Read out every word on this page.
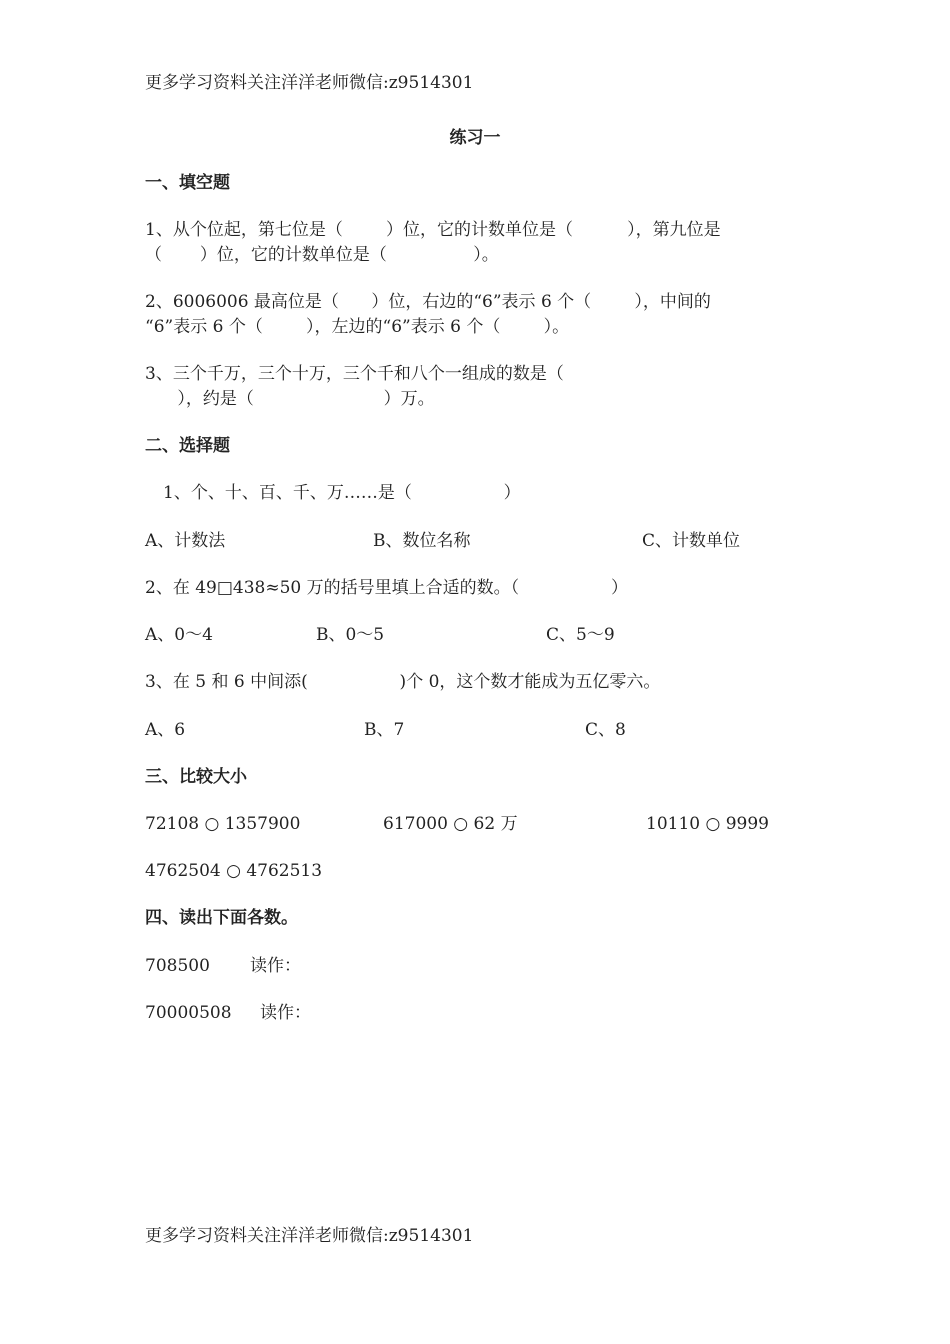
更多学习资料关注洋洋老师微信:z9514301
练习一
一、填空题
1、从个位起，第七位是（        ）位，它的计数单位是（          ），第九位是
（       ）位，它的计数单位是（                ）。
2、6006006 最高位是（      ）位，右边的“6”表示 6 个（        ），中间的
“6”表示 6 个（        ），左边的“6”表示 6 个（        ）。
3、三个千万，三个十万，三个千和八个一组成的数是（
），约是（                        ）万。
二、选择题
1、个、十、百、千、万……是（                 ）
A、计数法	B、数位名称	C、计数单位
2、在 49□438≈50 万的括号里填上合适的数。（                 ）
A、0～4	B、0～5	C、5～9
3、在 5 和 6 中间添(                 )个 0，这个数才能成为五亿零六。
A、6	B、7	C、8
三、比较大小
72108 ○ 1357900	617000 ○ 62 万	10110 ○ 9999
4762504 ○ 4762513
四、读出下面各数。
708500 读作：
70000508 读作：
更多学习资料关注洋洋老师微信:z9514301
